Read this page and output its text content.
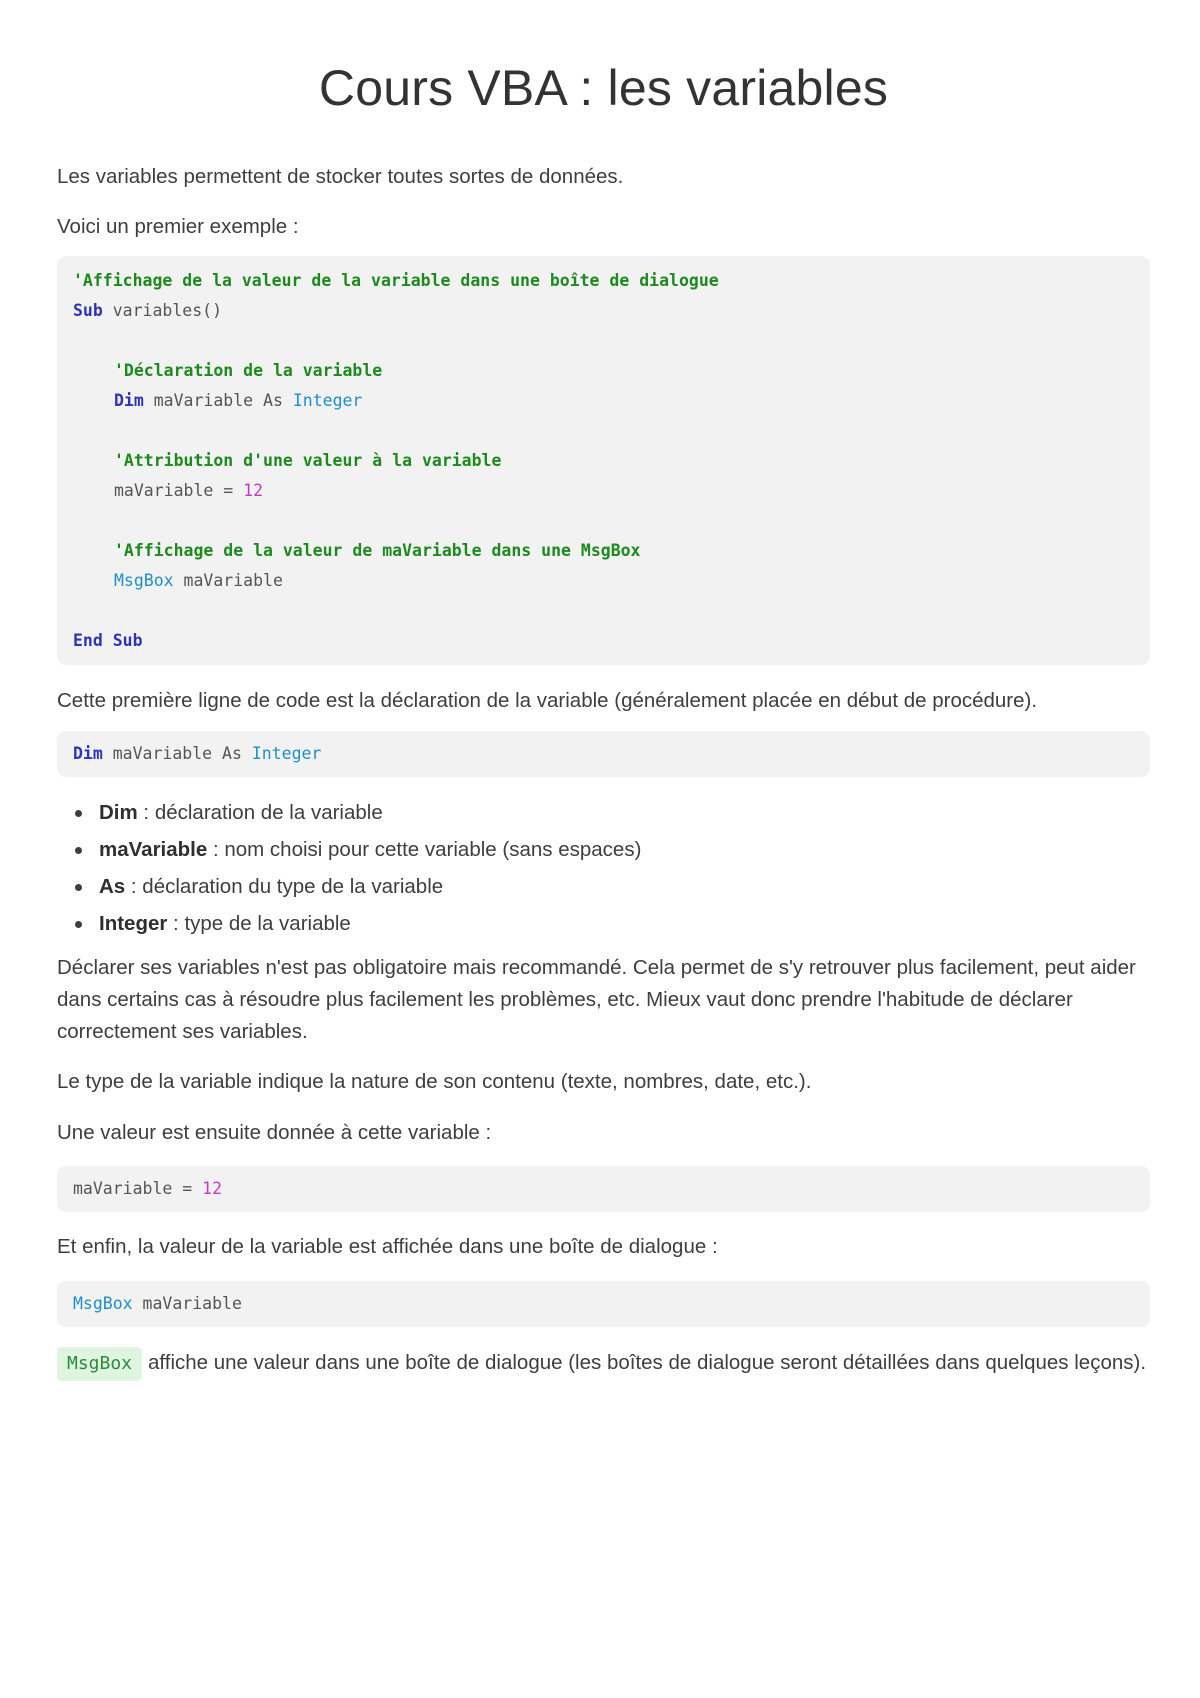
Cours VBA : les variables

Les variables permettent de stocker toutes sortes de données.

Voici un premier exemple :

'Affichage de la valeur de la variable dans une boîte de dialogue
Sub variables()
'Déclaration de la variable
Dim maVariable As Integer
'Attribution d'une valeur à la variable
maVariable = 12
'Affichage de la valeur de maVariable dans une MsgBox
MsgBox maVariable
End Sub

Cette première ligne de code est la déclaration de la variable (généralement placée en début de procédure).

Dim maVariable As Integer
Dim : déclaration de la variable
maVariable : nom choisi pour cette variable (sans espaces)
As : déclaration du type de la variable
Integer : type de la variable

Déclarer ses variables n'est pas obligatoire mais recommandé. Cela permet de s'y retrouver plus facilement, peut aider dans certains cas à résoudre plus facilement les problèmes, etc. Mieux vaut donc prendre l'habitude de déclarer correctement ses variables.

Le type de la variable indique la nature de son contenu (texte, nombres, date, etc.).

Une valeur est ensuite donnée à cette variable :

maVariable = 12

Et enfin, la valeur de la variable est affichée dans une boîte de dialogue :

MsgBox maVariable

MsgBox affiche une valeur dans une boîte de dialogue (les boîtes de dialogue seront détaillées dans quelques leçons).
